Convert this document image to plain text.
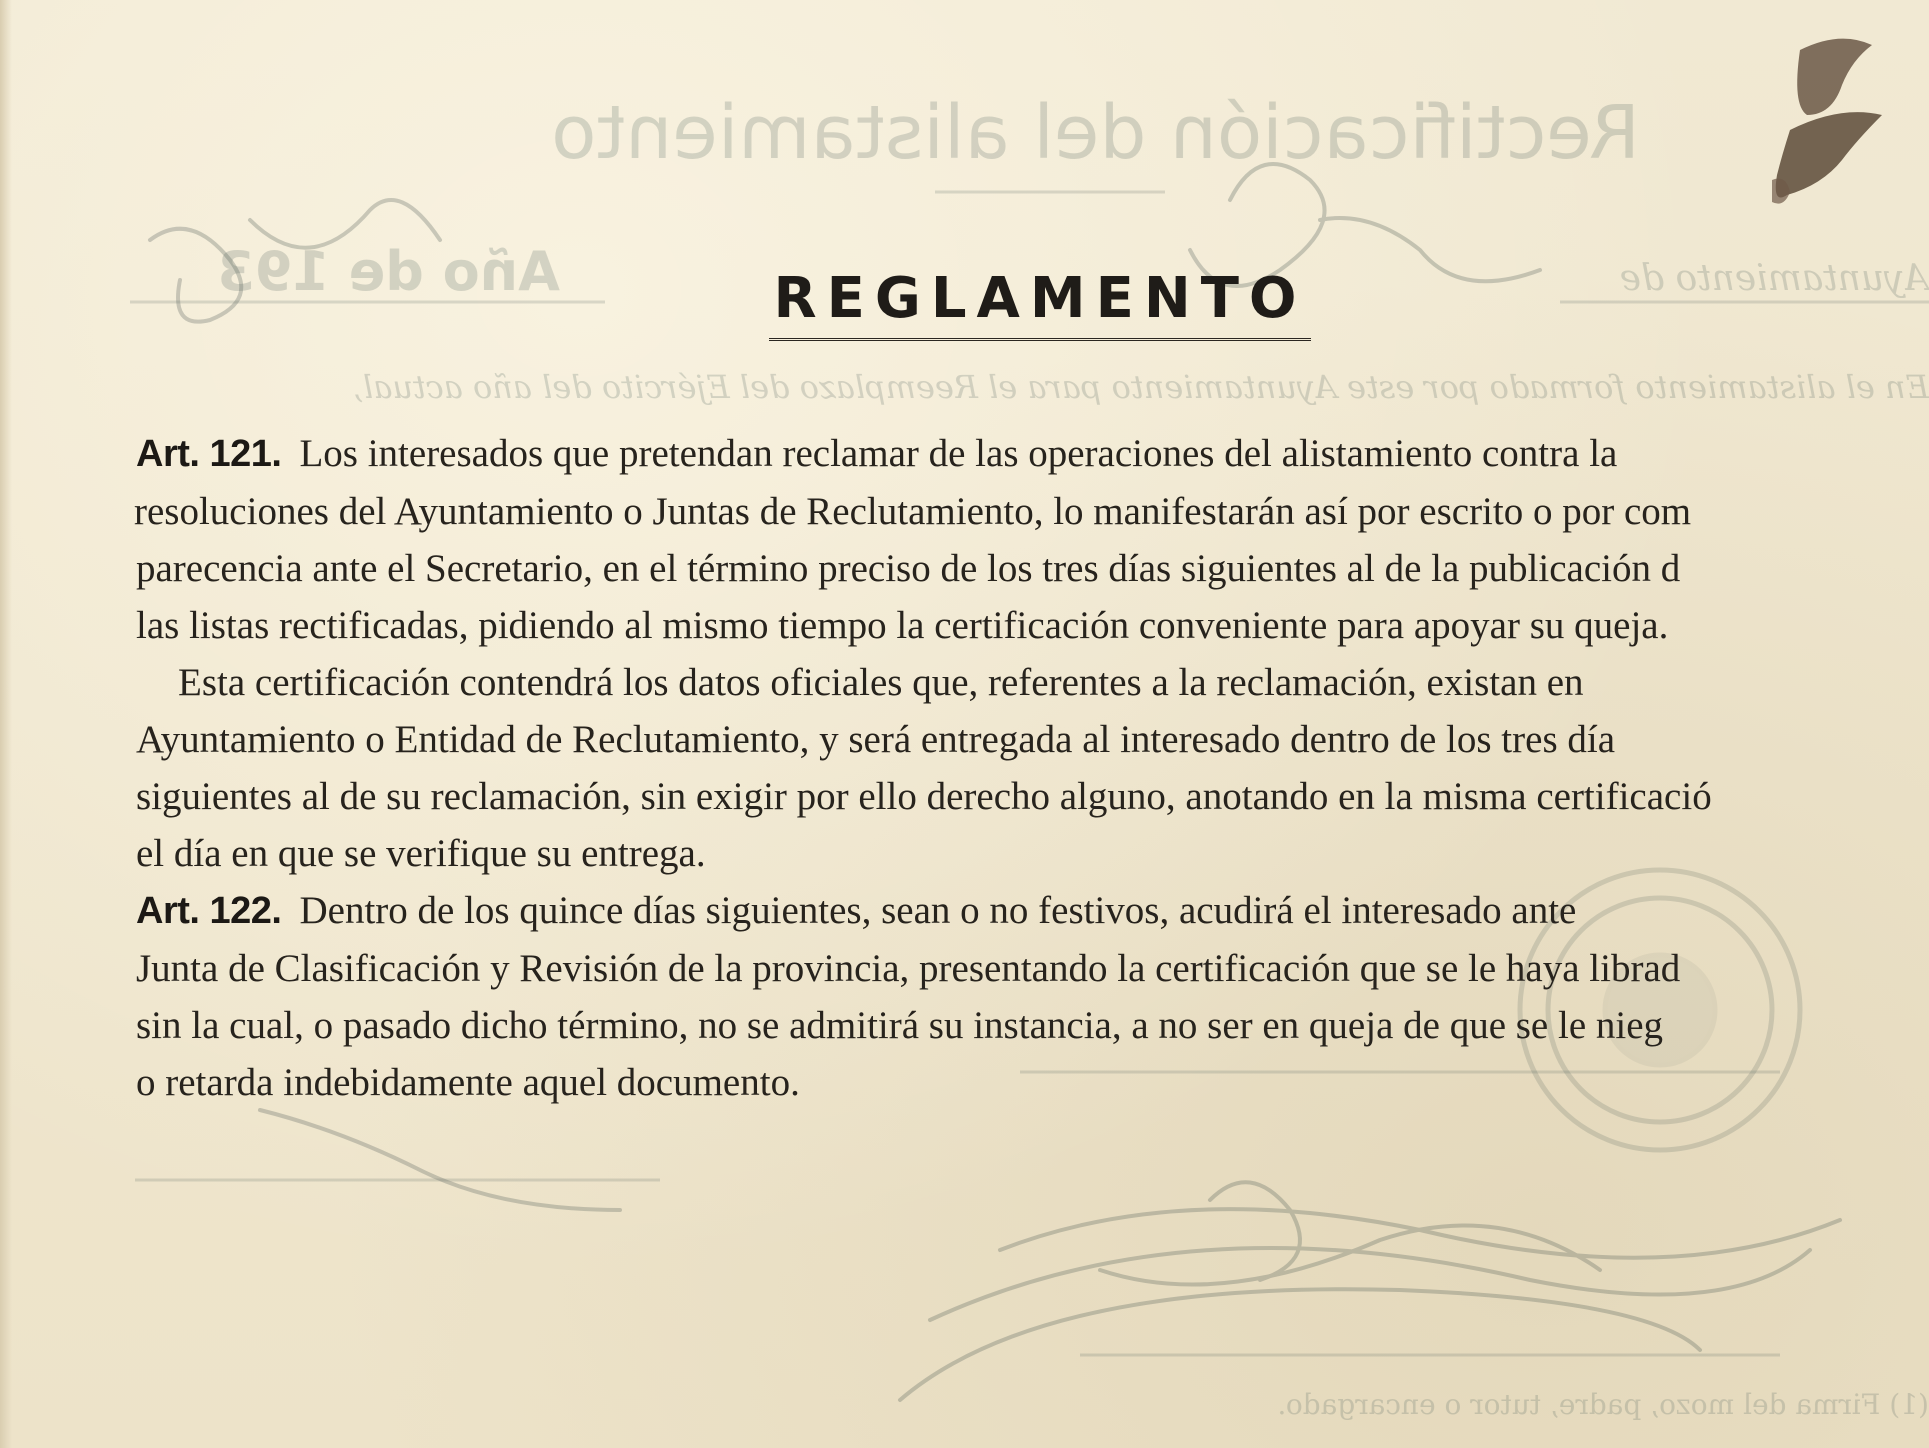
Rectificación del alistamiento
Año de 193	Ayuntamiento de
En el alistamiento formado por este Ayuntamiento para el Reemplazo del Ejército del año actual,
(1) Firma del mozo, padre, tutor o encargado.
REGLAMENTO

Art. 121. Los interesados que pretendan reclamar de las operaciones del alistamiento contra la
resoluciones del Ayuntamiento o Juntas de Reclutamiento, lo manifestarán así por escrito o por com
parecencia ante el Secretario, en el término preciso de los tres días siguientes al de la publicación d
las listas rectificadas, pidiendo al mismo tiempo la certificación conveniente para apoyar su queja.

Esta certificación contendrá los datos oficiales que, referentes a la reclamación, existan en
Ayuntamiento o Entidad de Reclutamiento, y será entregada al interesado dentro de los tres día
siguientes al de su reclamación, sin exigir por ello derecho alguno, anotando en la misma certificació
el día en que se verifique su entrega.

Art. 122. Dentro de los quince días siguientes, sean o no festivos, acudirá el interesado ante
Junta de Clasificación y Revisión de la provincia, presentando la certificación que se le haya librad
sin la cual, o pasado dicho término, no se admitirá su instancia, a no ser en queja de que se le nieg
o retarda indebidamente aquel documento.
